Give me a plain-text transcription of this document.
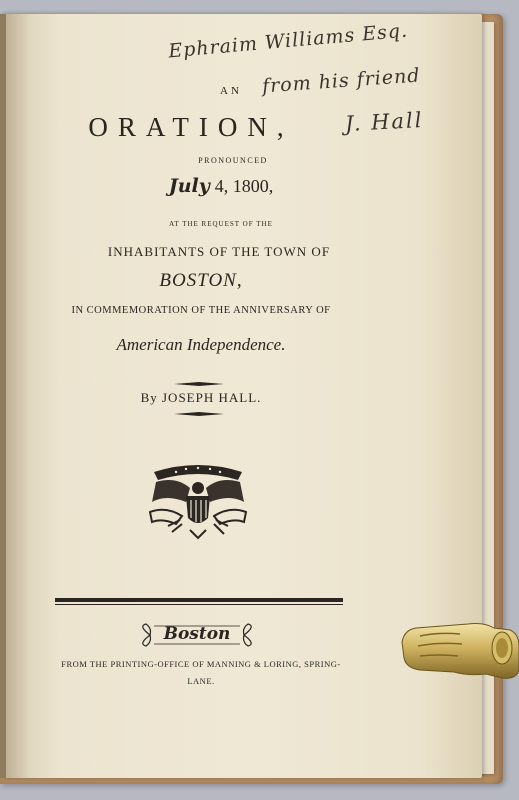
Ephraim Williams Esq.
from his friend
J. Hall
AN
ORATION,
PRONOUNCED
July 4, 1800,
AT THE REQUEST OF THE
INHABITANTS OF THE TOWN OF
BOSTON,
IN COMMEMORATION OF THE ANNIVERSARY OF
American Independence.
By JOSEPH HALL.
Boston
FROM THE PRINTING-OFFICE OF MANNING & LORING, SPRING-
LANE.
